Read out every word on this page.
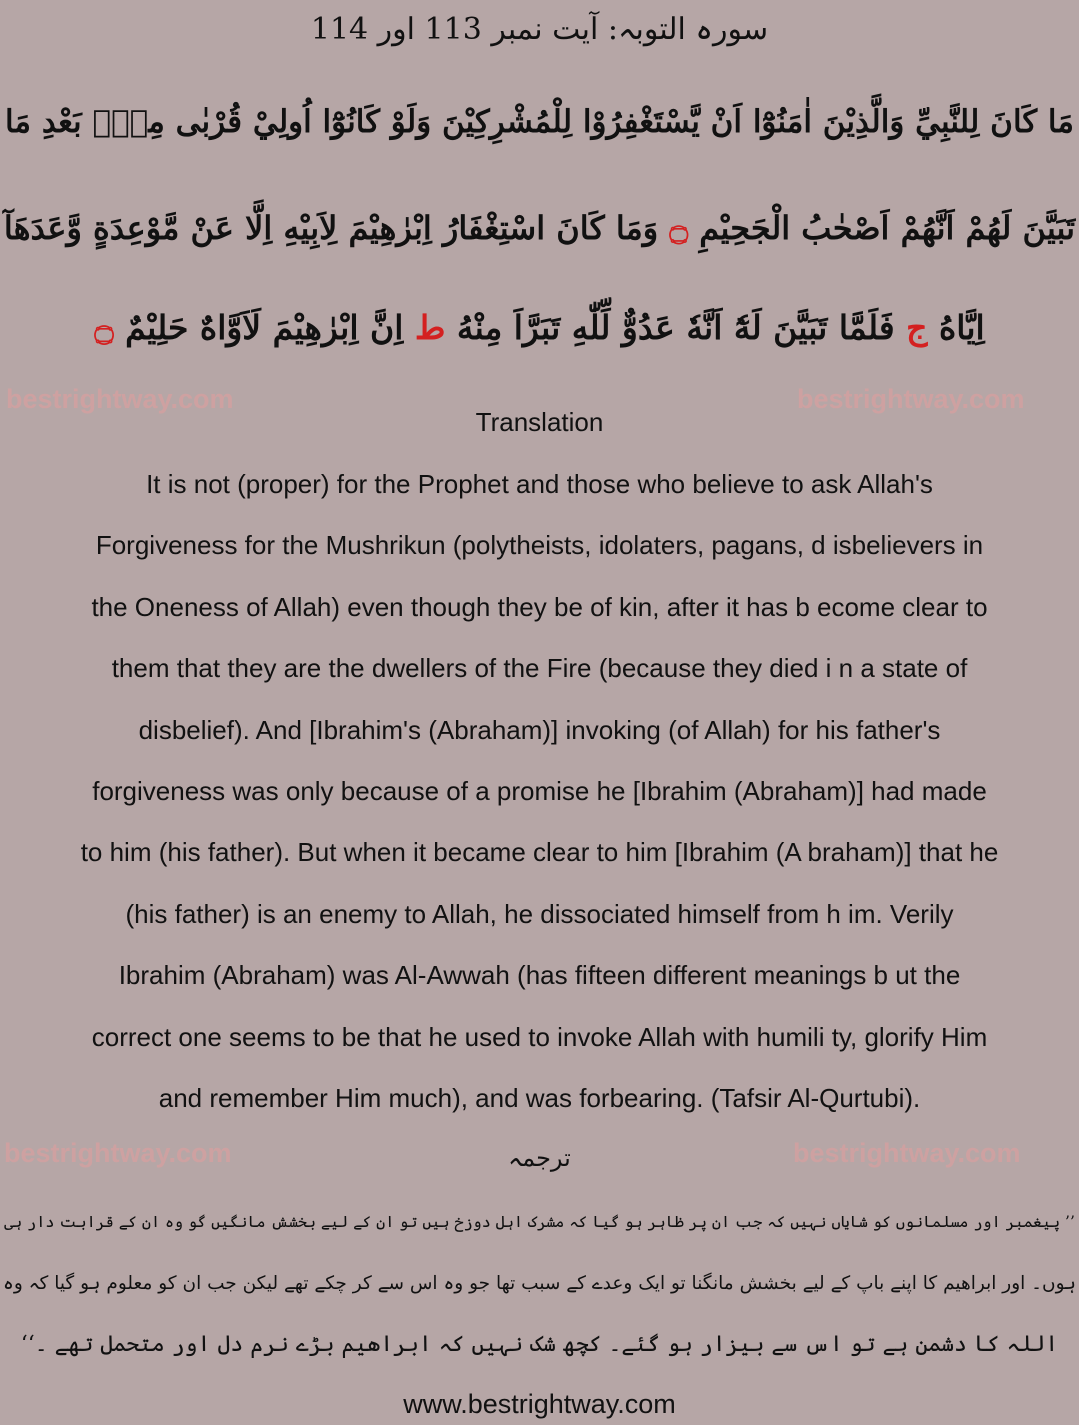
سورہ التوبہ: آیت نمبر 113 اور 114
مَا كَانَ لِلنَّبِيِّ وَالَّذِيْنَ اٰمَنُوْٓا اَنْ يَّسْتَغْفِرُوْا لِلْمُشْرِكِيْنَ وَلَوْ كَانُوْٓا اُولِيْ قُرْبٰى مِنْۢ بَعْدِ مَا
تَبَيَّنَ لَهُمْ اَنَّهُمْ اَصْحٰبُ الْجَحِيْمِ ۝ وَمَا كَانَ اسْتِغْفَارُ اِبْرٰهِيْمَ لِاَبِيْهِ اِلَّا عَنْ مَّوْعِدَةٍ وَّعَدَهَآ
اِيَّاهُ ج فَلَمَّا تَبَيَّنَ لَهٗٓ اَنَّهٗ عَدُوٌّ لِّلّٰهِ تَبَرَّاَ مِنْهُ ط اِنَّ اِبْرٰهِيْمَ لَاَوَّاهٌ حَلِيْمٌ ۝
bestrightway.com	bestrightway.com
Translation
It is not (proper) for the Prophet and those who believe to ask Allah's
Forgiveness for the Mushrikun (polytheists, idolaters, pagans, d isbelievers in
the Oneness of Allah) even though they be of kin, after it has b ecome clear to
them that they are the dwellers of the Fire (because they died i n a state of
disbelief). And [Ibrahim's (Abraham)] invoking (of Allah) for his father's
forgiveness was only because of a promise he [Ibrahim (Abraham)] had made
to him (his father). But when it became clear to him [Ibrahim (A braham)] that he
(his father) is an enemy to Allah, he dissociated himself from h im. Verily
Ibrahim (Abraham) was Al-Awwah (has fifteen different meanings b ut the
correct one seems to be that he used to invoke Allah with humili ty, glorify Him
and remember Him much), and was forbearing. (Tafsir Al-Qurtubi).
bestrightway.com	bestrightway.com
ترجمہ
’’ پیغمبر اور مسلمانوں کو شایاں نہیں کہ جب ان پر ظاہر ہو گیا کہ مشرک اہل دوزخ ہیں تو ان کے لیے بخشش مانگیں گو وہ ان کے قرابت دار ہی
ہوں۔ اور ابراھیم کا اپنے باپ کے لیے بخشش مانگنا تو ایک وعدے کے سبب تھا جو وہ اس سے کر چکے تھے لیکن جب ان کو معلوم ہو گیا کہ وہ
اللہ کا دشمن ہے تو اس سے بیزار ہو گئے۔ کچھ شک نہیں کہ ابراھیم بڑے نرم دل اور متحمل تھے ۔‘‘
www.bestrightway.com
